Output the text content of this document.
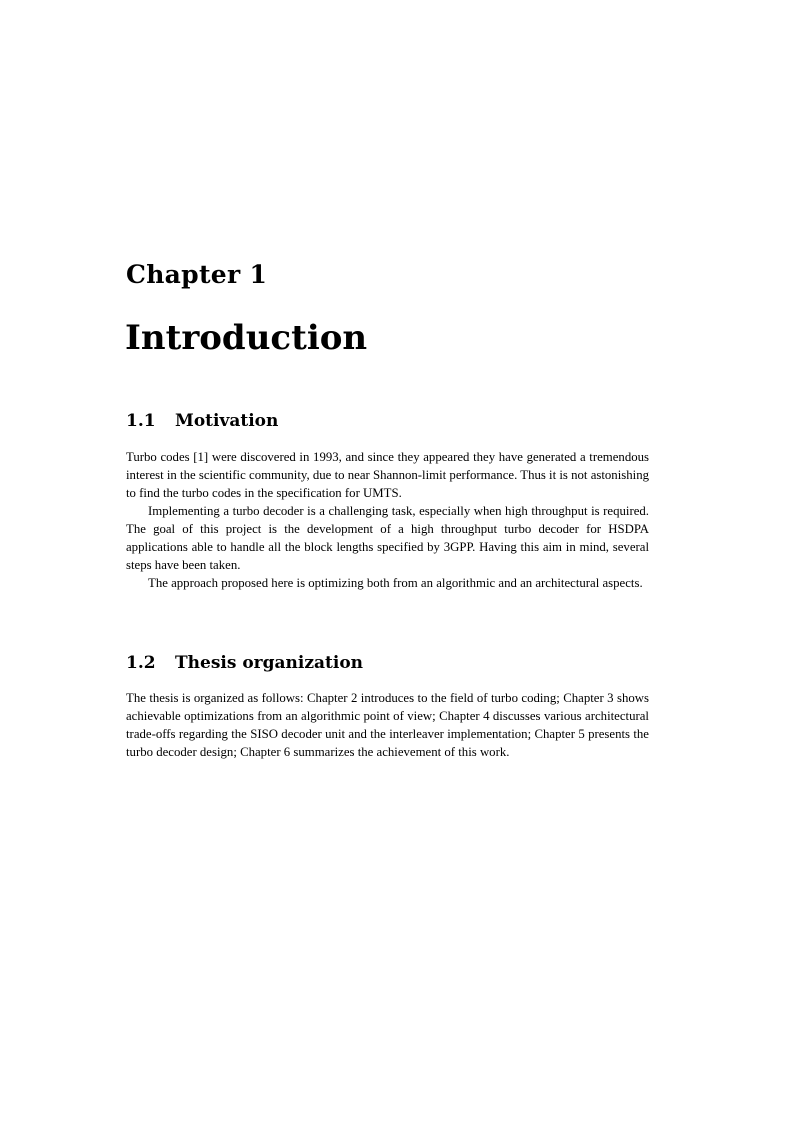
Chapter 1
Introduction
1.1 Motivation

Turbo codes [1] were discovered in 1993, and since they appeared they have generated a tremendous interest in the scientific community, due to near Shannon-limit performance. Thus it is not astonishing to find the turbo codes in the specification for UMTS.

Implementing a turbo decoder is a challenging task, especially when high throughput is required. The goal of this project is the development of a high throughput turbo decoder for HSDPA applications able to handle all the block lengths specified by 3GPP. Having this aim in mind, several steps have been taken.

The approach proposed here is optimizing both from an algorithmic and an architectural aspects.

1.2 Thesis organization

The thesis is organized as follows: Chapter 2 introduces to the field of turbo coding; Chapter 3 shows achievable optimizations from an algorithmic point of view; Chapter 4 discusses various architectural trade-offs regarding the SISO decoder unit and the interleaver implementation; Chapter 5 presents the turbo decoder design; Chapter 6 summarizes the achievement of this work.
